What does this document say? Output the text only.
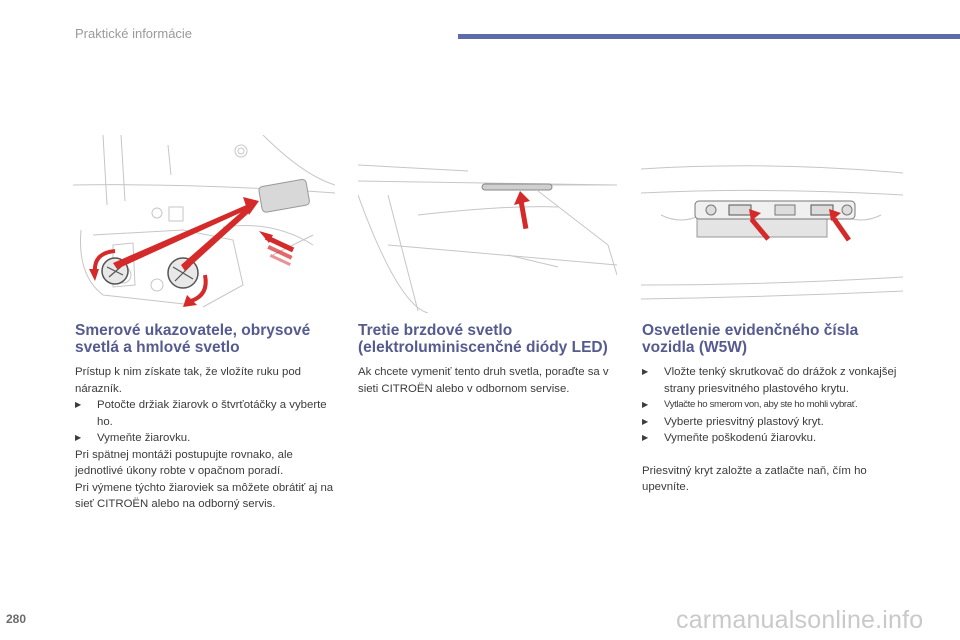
Praktické informácie
Smerové ukazovatele, obrysové
svetlá a hmlové svetlo

Prístup k nim získate tak, že vložíte ruku pod nárazník.

▶	Potočte držiak žiarovk o štvrťotáčky a vyberte ho.
▶	Vymeňte žiarovku.

Pri spätnej montáži postupujte rovnako, ale jednotlivé úkony robte v opačnom poradí.

Pri výmene týchto žiaroviek sa môžete obrátiť aj na sieť CITROËN alebo na odborný servis.

Tretie brzdové svetlo
(elektroluminiscenčné diódy LED)

Ak chcete vymeniť tento druh svetla, poraďte sa v sieti CITROËN alebo v odbornom servise.

Osvetlenie evidenčného čísla
vozidla (W5W)
▶	Vložte tenký skrutkovač do drážok z vonkajšej strany priesvitného plastového krytu.
▶	Vytlačte ho smerom von, aby ste ho mohli vybrať.
▶	Vyberte priesvitný plastový kryt.
▶	Vymeňte poškodenú žiarovku.

Priesvitný kryt založte a zatlačte naň, čím ho upevníte.

280	carmanualsonline.info
